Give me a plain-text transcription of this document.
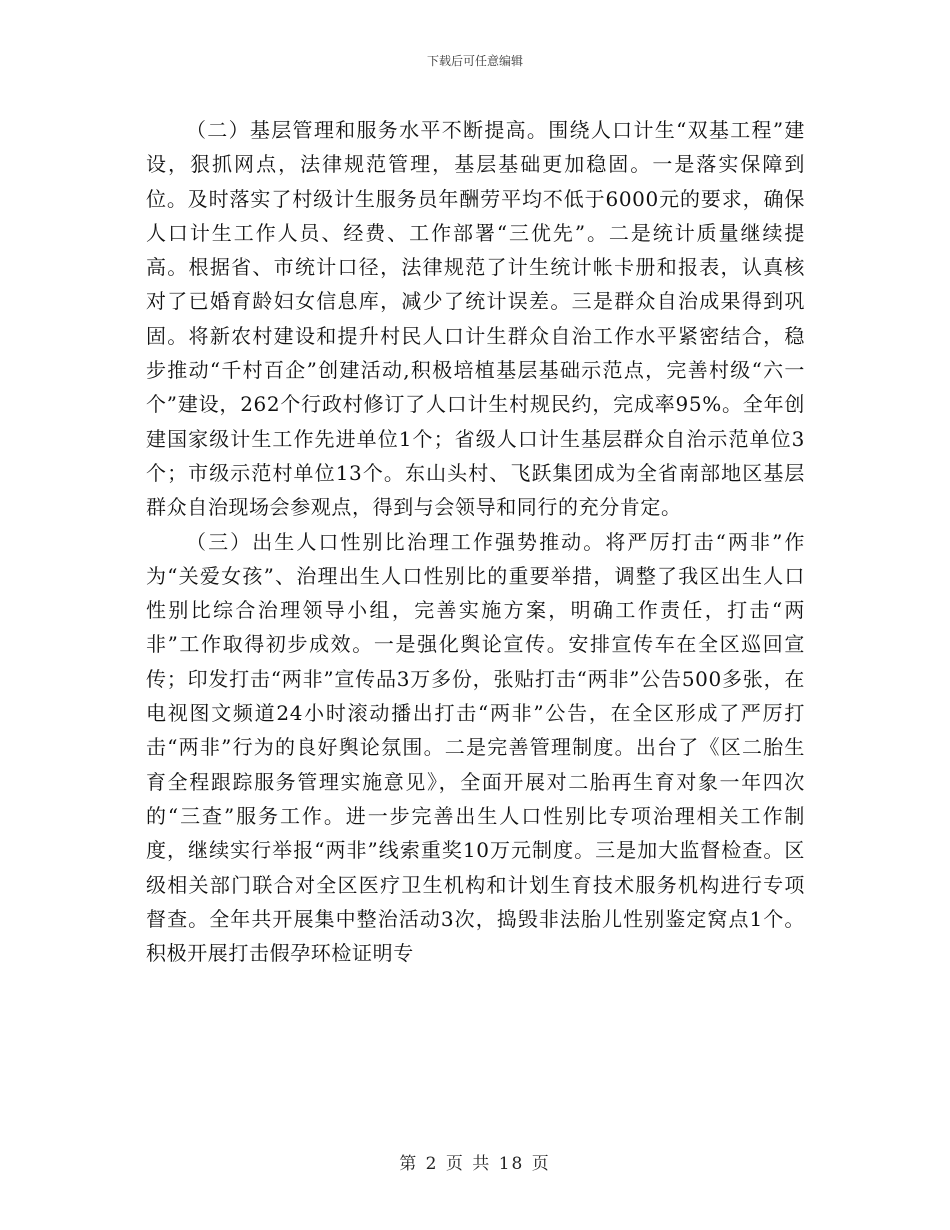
下载后可任意编辑

（二）基层管理和服务水平不断提高。围绕人口计生“双基工程”建设，狠抓网点，法律规范管理，基层基础更加稳固。一是落实保障到位。及时落实了村级计生服务员年酬劳平均不低于6000元的要求，确保人口计生工作人员、经费、工作部署“三优先”。二是统计质量继续提高。根据省、市统计口径，法律规范了计生统计帐卡册和报表，认真核对了已婚育龄妇女信息库，减少了统计误差。三是群众自治成果得到巩固。将新农村建设和提升村民人口计生群众自治工作水平紧密结合，稳步推动“千村百企”创建活动,积极培植基层基础示范点，完善村级“六一个”建设，262个行政村修订了人口计生村规民约，完成率95%。全年创建国家级计生工作先进单位1个；省级人口计生基层群众自治示范单位3个；市级示范村单位13个。东山头村、飞跃集团成为全省南部地区基层群众自治现场会参观点，得到与会领导和同行的充分肯定。

（三）出生人口性别比治理工作强势推动。将严厉打击“两非”作为“关爱女孩”、治理出生人口性别比的重要举措，调整了我区出生人口性别比综合治理领导小组，完善实施方案，明确工作责任，打击“两非”工作取得初步成效。一是强化舆论宣传。安排宣传车在全区巡回宣传；印发打击“两非”宣传品3万多份，张贴打击“两非”公告500多张，在电视图文频道24小时滚动播出打击“两非”公告，在全区形成了严厉打击“两非”行为的良好舆论氛围。二是完善管理制度。出台了《区二胎生育全程跟踪服务管理实施意见》，全面开展对二胎再生育对象一年四次的“三查”服务工作。进一步完善出生人口性别比专项治理相关工作制度，继续实行举报“两非”线索重奖10万元制度。三是加大监督检查。区级相关部门联合对全区医疗卫生机构和计划生育技术服务机构进行专项督查。全年共开展集中整治活动3次，捣毁非法胎儿性别鉴定窝点1个。积极开展打击假孕环检证明专

第 2 页 共 18 页
